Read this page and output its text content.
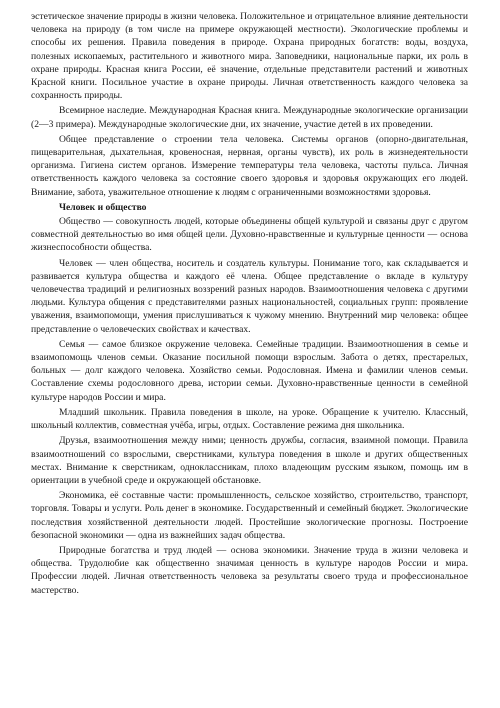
эстетическое значение природы в жизни человека. Положительное и отрицательное влияние деятельности человека на природу (в том числе на примере окружающей местности). Экологические проблемы и способы их решения. Правила поведения в природе. Охрана природных богатств: воды, воздуха, полезных ископаемых, растительного и животного мира. Заповедники, национальные парки, их роль в охране природы. Красная книга России, её значение, отдельные представители растений и животных Красной книги. Посильное участие в охране природы. Личная ответственность каждого человека за сохранность природы.

Всемирное наследие. Международная Красная книга. Международные экологические организации (2—3 примера). Международные экологические дни, их значение, участие детей в их проведении.

Общее представление о строении тела человека. Системы органов (опорно-двигательная, пищеварительная, дыхательная, кровеносная, нервная, органы чувств), их роль в жизнедеятельности организма. Гигиена систем органов. Измерение температуры тела человека, частоты пульса. Личная ответственность каждого человека за состояние своего здоровья и здоровья окружающих его людей. Внимание, забота, уважительное отношение к людям с ограниченными возможностями здоровья.

Человек и общество

Общество — совокупность людей, которые объединены общей культурой и связаны друг с другом совместной деятельностью во имя общей цели. Духовно-нравственные и культурные ценности — основа жизнеспособности общества.

Человек — член общества, носитель и создатель культуры. Понимание того, как складывается и развивается культура общества и каждого её члена. Общее представление о вкладе в культуру человечества традиций и религиозных воззрений разных народов. Взаимоотношения человека с другими людьми. Культура общения с представителями разных национальностей, социальных групп: проявление уважения, взаимопомощи, умения прислушиваться к чужому мнению. Внутренний мир человека: общее представление о человеческих свойствах и качествах.

Семья — самое близкое окружение человека. Семейные традиции. Взаимоотношения в семье и взаимопомощь членов семьи. Оказание посильной помощи взрослым. Забота о детях, престарелых, больных — долг каждого человека. Хозяйство семьи. Родословная. Имена и фамилии членов семьи. Составление схемы родословного древа, истории семьи. Духовно-нравственные ценности в семейной культуре народов России и мира.

Младший школьник. Правила поведения в школе, на уроке. Обращение к учителю. Классный, школьный коллектив, совместная учёба, игры, отдых. Составление режима дня школьника.

Друзья, взаимоотношения между ними; ценность дружбы, согласия, взаимной помощи. Правила взаимоотношений со взрослыми, сверстниками, культура поведения в школе и других общественных местах. Внимание к сверстникам, одноклассникам, плохо владеющим русским языком, помощь им в ориентации в учебной среде и окружающей обстановке.

Экономика, её составные части: промышленность, сельское хозяйство, строительство, транспорт, торговля. Товары и услуги. Роль денег в экономике. Государственный и семейный бюджет. Экологические последствия хозяйственной деятельности людей. Простейшие экологические прогнозы. Построение безопасной экономики — одна из важнейших задач общества.

Природные богатства и труд людей — основа экономики. Значение труда в жизни человека и общества. Трудолюбие как общественно значимая ценность в культуре народов России и мира. Профессии людей. Личная ответственность человека за результаты своего труда и профессиональное мастерство.
